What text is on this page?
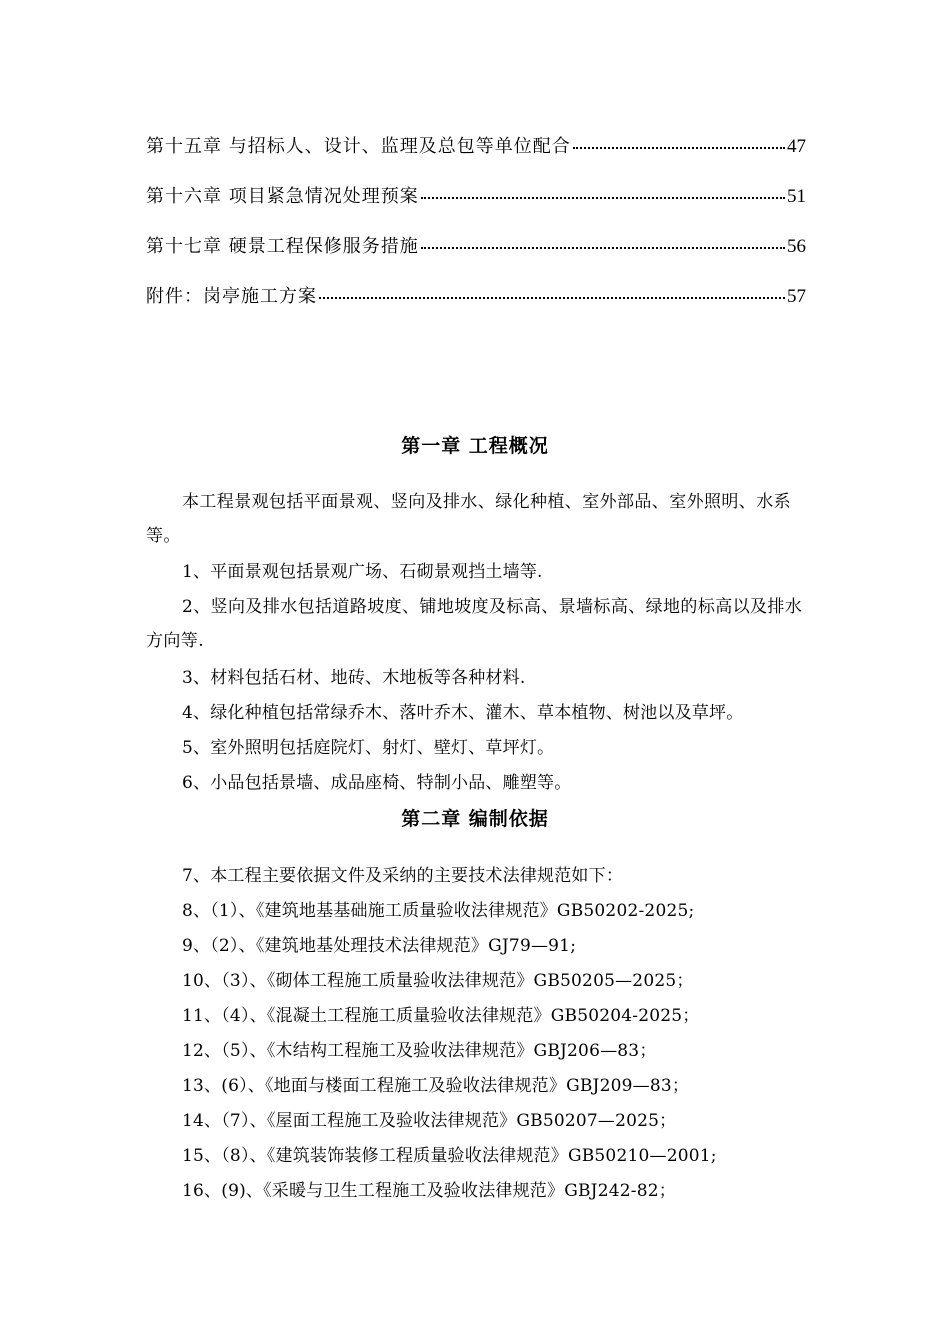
第十五章 与招标人、设计、监理及总包等单位配合	47
第十六章 项目紧急情况处理预案	51
第十七章 硬景工程保修服务措施	56
附件：岗亭施工方案	57
第一章 工程概况

本工程景观包括平面景观、竖向及排水、绿化种植、室外部品、室外照明、水系等。

1、平面景观包括景观广场、石砌景观挡土墙等.

2、竖向及排水包括道路坡度、铺地坡度及标高、景墙标高、绿地的标高以及排水方向等.

3、材料包括石材、地砖、木地板等各种材料.

4、绿化种植包括常绿乔木、落叶乔木、灌木、草本植物、树池以及草坪。

5、室外照明包括庭院灯、射灯、壁灯、草坪灯。

6、小品包括景墙、成品座椅、特制小品、雕塑等。

第二章 编制依据

7、本工程主要依据文件及采纳的主要技术法律规范如下：

8、（1）、《建筑地基基础施工质量验收法律规范》GB50202-2025;

9、（2）、《建筑地基处理技术法律规范》GJ79—91;

10、（3）、《砌体工程施工质量验收法律规范》GB50205—2025；

11、（4）、《混凝土工程施工质量验收法律规范》GB50204-2025；

12、（5）、《木结构工程施工及验收法律规范》GBJ206—83；

13、(6）、《地面与楼面工程施工及验收法律规范》GBJ209—83；

14、（7）、《屋面工程施工及验收法律规范》GB50207—2025；

15、（8）、《建筑装饰装修工程质量验收法律规范》GB50210—2001;

16、(9)、《采暖与卫生工程施工及验收法律规范》GBJ242-82；
